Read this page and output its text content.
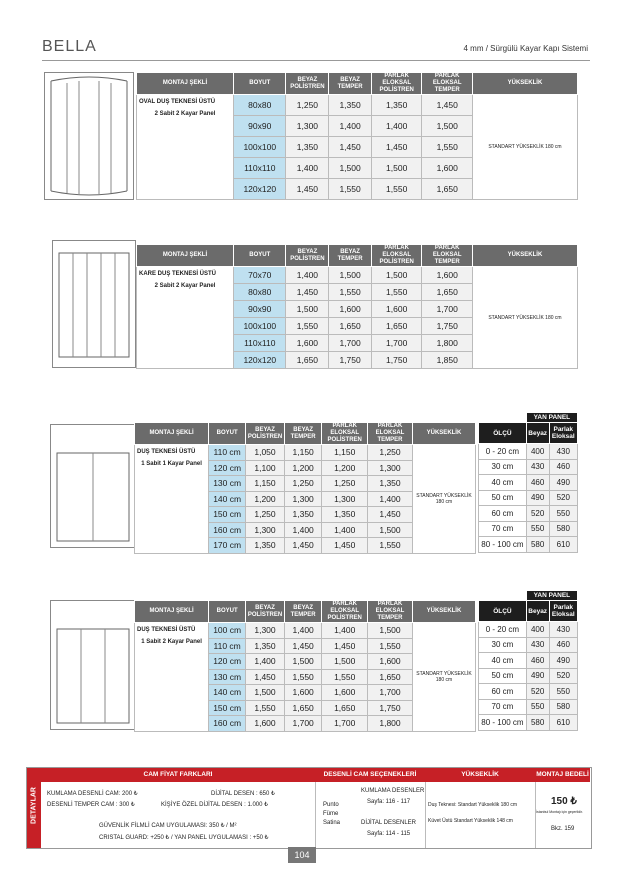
BELLA	4 mm / Sürgülü Kayar Kapı Sistemi
MONTAJ ŞEKLİ	BOYUT	BEYAZ POLİSTREN	BEYAZ TEMPER	PARLAK ELOKSAL POLİSTREN	PARLAK ELOKSAL TEMPER	YÜKSEKLİK

OVAL DUŞ TEKNESİ ÜSTÜ
2 Sabit 2 Kayar Panel	80x80	1,250	1,350	1,350	1,450	STANDART YÜKSEKLİK 180 cm
	90x90	1,300	1,400	1,400	1,500	
	100x100	1,350	1,450	1,450	1,550	
	110x110	1,400	1,500	1,500	1,600	
	120x120	1,450	1,550	1,550	1,650	
MONTAJ ŞEKLİ	BOYUT	BEYAZ POLİSTREN	BEYAZ TEMPER	PARLAK ELOKSAL POLİSTREN	PARLAK ELOKSAL TEMPER	YÜKSEKLİK

KARE DUŞ TEKNESİ ÜSTÜ
2 Sabit 2 Kayar Panel	70x70	1,400	1,500	1,500	1,600	STANDART YÜKSEKLİK 180 cm
	80x80	1,450	1,550	1,550	1,650	
	90x90	1,500	1,600	1,600	1,700	
	100x100	1,550	1,650	1,650	1,750	
	110x110	1,600	1,700	1,700	1,800	
	120x120	1,650	1,750	1,750	1,850	
MONTAJ ŞEKLİ	BOYUT	BEYAZ POLİSTREN	BEYAZ TEMPER	PARLAK ELOKSAL POLİSTREN	PARLAK ELOKSAL TEMPER	YÜKSEKLİK

DUŞ TEKNESİ ÜSTÜ
1 Sabit 1 Kayar Panel	110 cm	1,050	1,150	1,150	1,250	STANDART YÜKSEKLİK 180 cm
	120 cm	1,100	1,200	1,200	1,300	
	130 cm	1,150	1,250	1,250	1,350	
	140 cm	1,200	1,300	1,300	1,400	
	150 cm	1,250	1,350	1,350	1,450	
	160 cm	1,300	1,400	1,400	1,500	
	170 cm	1,350	1,450	1,450	1,550	
MONTAJ ŞEKLİ	BOYUT	BEYAZ POLİSTREN	BEYAZ TEMPER	PARLAK ELOKSAL POLİSTREN	PARLAK ELOKSAL TEMPER	YÜKSEKLİK

DUŞ TEKNESİ ÜSTÜ
1 Sabit 2 Kayar Panel	100 cm	1,300	1,400	1,400	1,500	STANDART YÜKSEKLİK 180 cm
	110 cm	1,350	1,450	1,450	1,550	
	120 cm	1,400	1,500	1,500	1,600	
	130 cm	1,450	1,550	1,550	1,650	
	140 cm	1,500	1,600	1,600	1,700	
	150 cm	1,550	1,650	1,650	1,750	
	160 cm	1,600	1,700	1,700	1,800	
	YAN PANEL	
ÖLÇÜ	Beyaz	Parlak Eloksal
0 - 20 cm	400	430
30 cm	430	460
40 cm	460	490
50 cm	490	520
60 cm	520	550
70 cm	550	580
80 - 100 cm	580	610
	YAN PANEL	
ÖLÇÜ	Beyaz	Parlak Eloksal
0 - 20 cm	400	430
30 cm	430	460
40 cm	460	490
50 cm	490	520
60 cm	520	550
70 cm	550	580
80 - 100 cm	580	610
DETAYLAR
CAM FİYAT FARKLARI
KUMLAMA DESENLİ CAM: 200 ₺	DİJİTAL DESEN : 650 ₺
DESENLİ TEMPER CAM : 300 ₺	KİŞİYE ÖZEL DİJİTAL DESEN : 1.000 ₺
GÜVENLİK FİLMLİ CAM UYGULAMASI: 350 ₺ / M²
CRISTAL GUARD: +250 ₺ / YAN PANEL UYGULAMASI : +50 ₺
DESENLİ CAM SEÇENEKLERİ
Punto
Füme
Satina
KUMLAMA DESENLER
Sayfa: 116 - 117
DİJİTAL DESENLER
Sayfa: 114 - 115
YÜKSEKLİK
Duş Teknesi: Standart Yükseklik 180 cm
Küvet Üstü Standart Yükseklik 148 cm
MONTAJ BEDELİ
150 ₺
İstanbul Montajı için geçerlidir.
Bkz. 159
104
